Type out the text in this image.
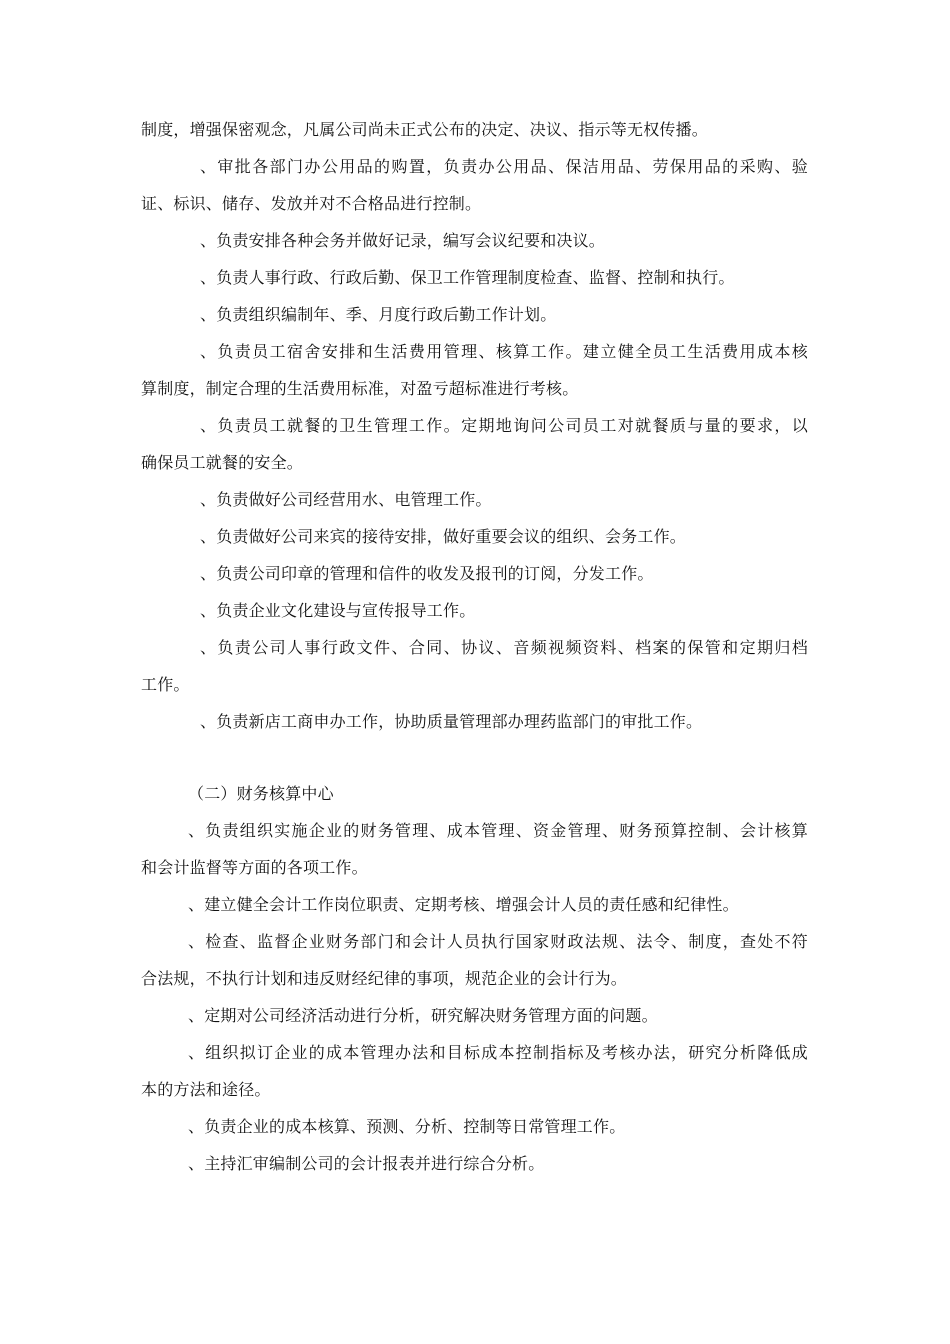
制度，增强保密观念，凡属公司尚未正式公布的决定、决议、指示等无权传播。
、审批各部门办公用品的购置，负责办公用品、保洁用品、劳保用品的采购、验
证、标识、储存、发放并对不合格品进行控制。
、负责安排各种会务并做好记录，编写会议纪要和决议。
、负责人事行政、行政后勤、保卫工作管理制度检查、监督、控制和执行。
、负责组织编制年、季、月度行政后勤工作计划。
、负责员工宿舍安排和生活费用管理、核算工作。建立健全员工生活费用成本核
算制度，制定合理的生活费用标准，对盈亏超标准进行考核。
、负责员工就餐的卫生管理工作。定期地询问公司员工对就餐质与量的要求，以
确保员工就餐的安全。
、负责做好公司经营用水、电管理工作。
、负责做好公司来宾的接待安排，做好重要会议的组织、会务工作。
、负责公司印章的管理和信件的收发及报刊的订阅，分发工作。
、负责企业文化建设与宣传报导工作。
、负责公司人事行政文件、合同、协议、音频视频资料、档案的保管和定期归档
工作。
、负责新店工商申办工作，协助质量管理部办理药监部门的审批工作。
（二）财务核算中心
、负责组织实施企业的财务管理、成本管理、资金管理、财务预算控制、会计核算
和会计监督等方面的各项工作。
、建立健全会计工作岗位职责、定期考核、增强会计人员的责任感和纪律性。
、检查、监督企业财务部门和会计人员执行国家财政法规、法令、制度，查处不符
合法规，不执行计划和违反财经纪律的事项，规范企业的会计行为。
、定期对公司经济活动进行分析，研究解决财务管理方面的问题。
、组织拟订企业的成本管理办法和目标成本控制指标及考核办法，研究分析降低成
本的方法和途径。
、负责企业的成本核算、预测、分析、控制等日常管理工作。
、主持汇审编制公司的会计报表并进行综合分析。
